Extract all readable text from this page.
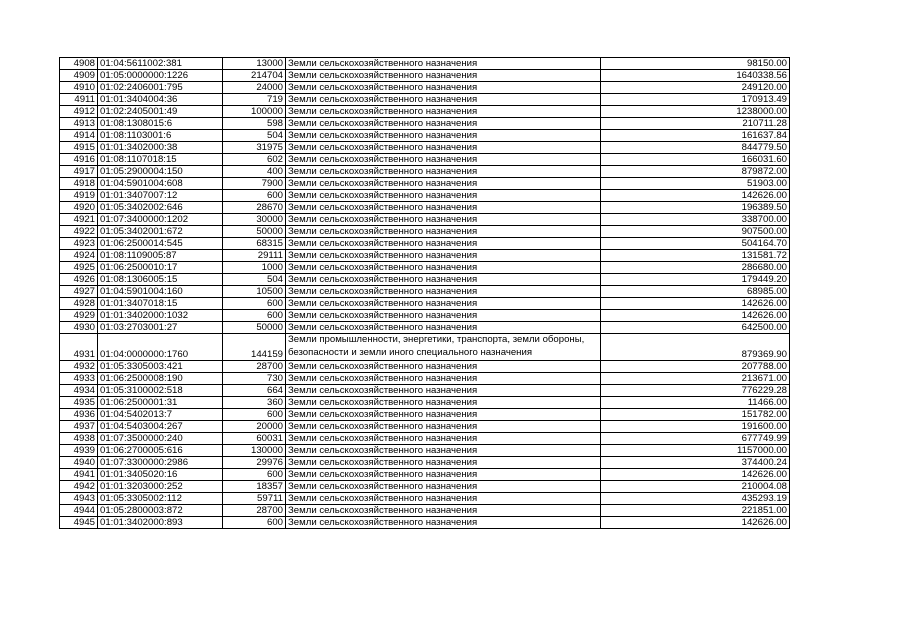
4908	01:04:5611002:381	13000	Земли сельскохозяйственного назначения	98150.00
4909	01:05:0000000:1226	214704	Земли сельскохозяйственного назначения	1640338.56
4910	01:02:2406001:795	24000	Земли сельскохозяйственного назначения	249120.00
4911	01:01:3404004:36	719	Земли сельскохозяйственного назначения	170913.49
4912	01:02:2405001:49	100000	Земли сельскохозяйственного назначения	1238000.00
4913	01:08:1308015:6	598	Земли сельскохозяйственного назначения	210711.28
4914	01:08:1103001:6	504	Земли сельскохозяйственного назначения	161637.84
4915	01:01:3402000:38	31975	Земли сельскохозяйственного назначения	844779.50
4916	01:08:1107018:15	602	Земли сельскохозяйственного назначения	166031.60
4917	01:05:2900004:150	400	Земли сельскохозяйственного назначения	879872.00
4918	01:04:5901004:608	7900	Земли сельскохозяйственного назначения	51903.00
4919	01:01:3407007:12	600	Земли сельскохозяйственного назначения	142626.00
4920	01:05:3402002:646	28670	Земли сельскохозяйственного назначения	196389.50
4921	01:07:3400000:1202	30000	Земли сельскохозяйственного назначения	338700.00
4922	01:05:3402001:672	50000	Земли сельскохозяйственного назначения	907500.00
4923	01:06:2500014:545	68315	Земли сельскохозяйственного назначения	504164.70
4924	01:08:1109005:87	29111	Земли сельскохозяйственного назначения	131581.72
4925	01:06:2500010:17	1000	Земли сельскохозяйственного назначения	286680.00
4926	01:08:1306005:15	504	Земли сельскохозяйственного назначения	179449.20
4927	01:04:5901004:160	10500	Земли сельскохозяйственного назначения	68985.00
4928	01:01:3407018:15	600	Земли сельскохозяйственного назначения	142626.00
4929	01:01:3402000:1032	600	Земли сельскохозяйственного назначения	142626.00
4930	01:03:2703001:27	50000	Земли сельскохозяйственного назначения	642500.00
4931	01:04:0000000:1760	144159	Земли промышленности, энергетики, транспорта, земли обороны, безопасности и земли иного специального назначения	879369.90
4932	01:05:3305003:421	28700	Земли сельскохозяйственного назначения	207788.00
4933	01:06:2500008:190	730	Земли сельскохозяйственного назначения	213671.00
4934	01:05:3100002:518	664	Земли сельскохозяйственного назначения	776229.28
4935	01:06:2500001:31	360	Земли сельскохозяйственного назначения	11466.00
4936	01:04:5402013:7	600	Земли сельскохозяйственного назначения	151782.00
4937	01:04:5403004:267	20000	Земли сельскохозяйственного назначения	191600.00
4938	01:07:3500000:240	60031	Земли сельскохозяйственного назначения	677749.99
4939	01:06:2700005:616	130000	Земли сельскохозяйственного назначения	1157000.00
4940	01:07:3300000:2986	29976	Земли сельскохозяйственного назначения	374400.24
4941	01:01:3405020:16	600	Земли сельскохозяйственного назначения	142626.00
4942	01:01:3203000:252	18357	Земли сельскохозяйственного назначения	210004.08
4943	01:05:3305002:112	59711	Земли сельскохозяйственного назначения	435293.19
4944	01:05:2800003:872	28700	Земли сельскохозяйственного назначения	221851.00
4945	01:01:3402000:893	600	Земли сельскохозяйственного назначения	142626.00
